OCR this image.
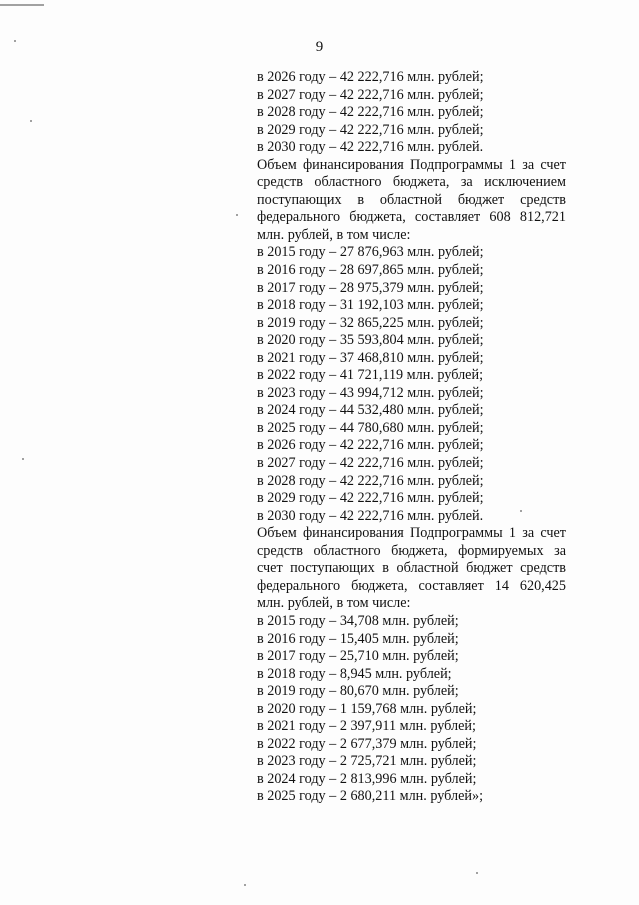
9
в 2026 году – 42 222,716 млн. рублей;
в 2027 году – 42 222,716 млн. рублей;
в 2028 году – 42 222,716 млн. рублей;
в 2029 году – 42 222,716 млн. рублей;
в 2030 году – 42 222,716 млн. рублей.
Объем финансирования Подпрограммы 1 за счет средств областного бюджета, за исключением поступающих в областной бюджет средств федерального бюджета, составляет 608 812,721 млн. рублей, в том числе:
в 2015 году – 27 876,963 млн. рублей;
в 2016 году – 28 697,865 млн. рублей;
в 2017 году – 28 975,379 млн. рублей;
в 2018 году – 31 192,103 млн. рублей;
в 2019 году – 32 865,225 млн. рублей;
в 2020 году – 35 593,804 млн. рублей;
в 2021 году – 37 468,810 млн. рублей;
в 2022 году – 41 721,119 млн. рублей;
в 2023 году – 43 994,712 млн. рублей;
в 2024 году – 44 532,480 млн. рублей;
в 2025 году – 44 780,680 млн. рублей;
в 2026 году – 42 222,716 млн. рублей;
в 2027 году – 42 222,716 млн. рублей;
в 2028 году – 42 222,716 млн. рублей;
в 2029 году – 42 222,716 млн. рублей;
в 2030 году – 42 222,716 млн. рублей.
Объем финансирования Подпрограммы 1 за счет средств областного бюджета, формируемых за счет поступающих в областной бюджет средств федерального бюджета, составляет 14 620,425 млн. рублей, в том числе:
в 2015 году – 34,708 млн. рублей;
в 2016 году – 15,405 млн. рублей;
в 2017 году – 25,710 млн. рублей;
в 2018 году – 8,945 млн. рублей;
в 2019 году – 80,670 млн. рублей;
в 2020 году – 1 159,768 млн. рублей;
в 2021 году – 2 397,911 млн. рублей;
в 2022 году – 2 677,379 млн. рублей;
в 2023 году – 2 725,721 млн. рублей;
в 2024 году – 2 813,996 млн. рублей;
в 2025 году – 2 680,211 млн. рублей»;
